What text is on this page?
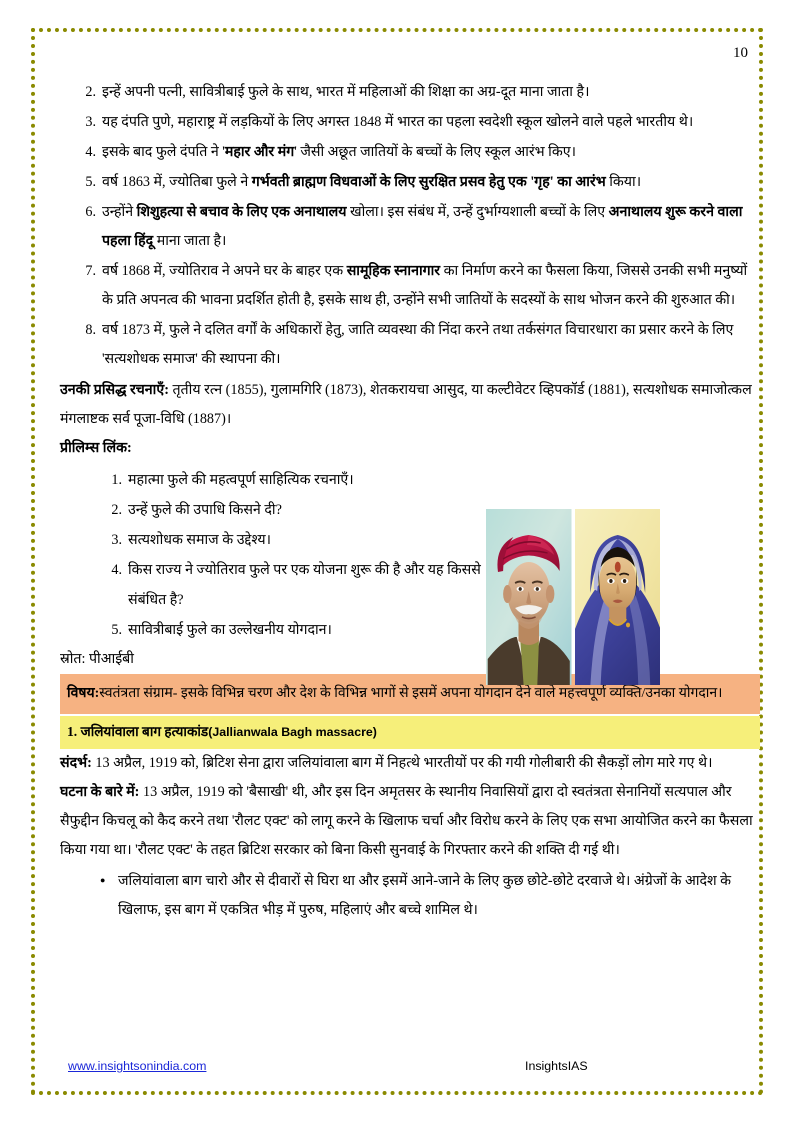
10
इन्हें अपनी पत्नी, सावित्रीबाई फुले के साथ, भारत में महिलाओं की शिक्षा का अग्र-दूत माना जाता है।
यह दंपति पुणे, महाराष्ट्र में लड़कियों के लिए अगस्त 1848 में भारत का पहला स्वदेशी स्कूल खोलने वाले पहले भारतीय थे।
इसके बाद फुले दंपति ने 'महार और मंग' जैसी अछूत जातियों के बच्चों के लिए स्कूल आरंभ किए।
वर्ष 1863 में, ज्योतिबा फुले ने गर्भवती ब्राह्मण विधवाओं के लिए सुरक्षित प्रसव हेतु एक 'गृह' का आरंभ किया।
उन्होंने शिशुहत्या से बचाव के लिए एक अनाथालय खोला। इस संबंध में, उन्हें दुर्भाग्यशाली बच्चों के लिए अनाथालय शुरू करने वाला पहला हिंदू माना जाता है।
वर्ष 1868 में, ज्योतिराव ने अपने घर के बाहर एक सामूहिक स्नानागार का निर्माण करने का फैसला किया, जिससे उनकी सभी मनुष्यों के प्रति अपनत्व की भावना प्रदर्शित होती है, इसके साथ ही, उन्होंने सभी जातियों के सदस्यों के साथ भोजन करने की शुरुआत की।
वर्ष 1873 में, फुले ने दलित वर्गों के अधिकारों हेतु, जाति व्यवस्था की निंदा करने तथा तर्कसंगत विचारधारा का प्रसार करने के लिए 'सत्यशोधक समाज' की स्थापना की।

उनकी प्रसिद्ध रचनाएँ: तृतीय रत्न (1855), गुलामगिरि (1873), शेतकरायचा आसुद, या कल्टीवेटर व्हिपकॉर्ड (1881), सत्यशोधक समाजोत्कल मंगलाष्टक सर्व पूजा-विधि (1887)।

प्रीलिम्स लिंक:

महात्मा फुले की महत्वपूर्ण साहित्यिक रचनाएँ।
उन्हें फुले की उपाधि किसने दी?
सत्यशोधक समाज के उद्देश्य।
किस राज्य ने ज्योतिराव फुले पर एक योजना शुरू की है और यह किससे संबंधित है?
सावित्रीबाई फुले का उल्लेखनीय योगदान।

स्रोत: पीआईबी

विषय:स्वतंत्रता संग्राम- इसके विभिन्न चरण और देश के विभिन्न भागों से इसमें अपना योगदान देने वाले महत्त्वपूर्ण व्यक्ति/उनका योगदान।
1. जलियांवाला बाग हत्याकांड(Jallianwala Bagh massacre)

संदर्भ: 13 अप्रैल, 1919 को, ब्रिटिश सेना द्वारा जलियांवाला बाग में निहत्थे भारतीयों पर की गयी गोलीबारी की सैकड़ों लोग मारे गए थे।

घटना के बारे में: 13 अप्रैल, 1919 को 'बैसाखी' थी, और इस दिन अमृतसर के स्थानीय निवासियों द्वारा दो स्वतंत्रता सेनानियों सत्यपाल और सैफुद्दीन किचलू को कैद करने तथा 'रौलट एक्ट' को लागू करने के खिलाफ चर्चा और विरोध करने के लिए एक सभा आयोजित करने का फैसला किया गया था। 'रौलट एक्ट' के तहत ब्रिटिश सरकार को बिना किसी सुनवाई के गिरफ्तार करने की शक्ति दी गई थी।

● जलियांवाला बाग चारो और से दीवारों से घिरा था और इसमें आने-जाने के लिए कुछ छोटे-छोटे दरवाजे थे। अंग्रेजों के आदेश के खिलाफ, इस बाग में एकत्रित भीड़ में पुरुष, महिलाएं और बच्चे शामिल थे।
www.insightsonindia.com	InsightsIAS
